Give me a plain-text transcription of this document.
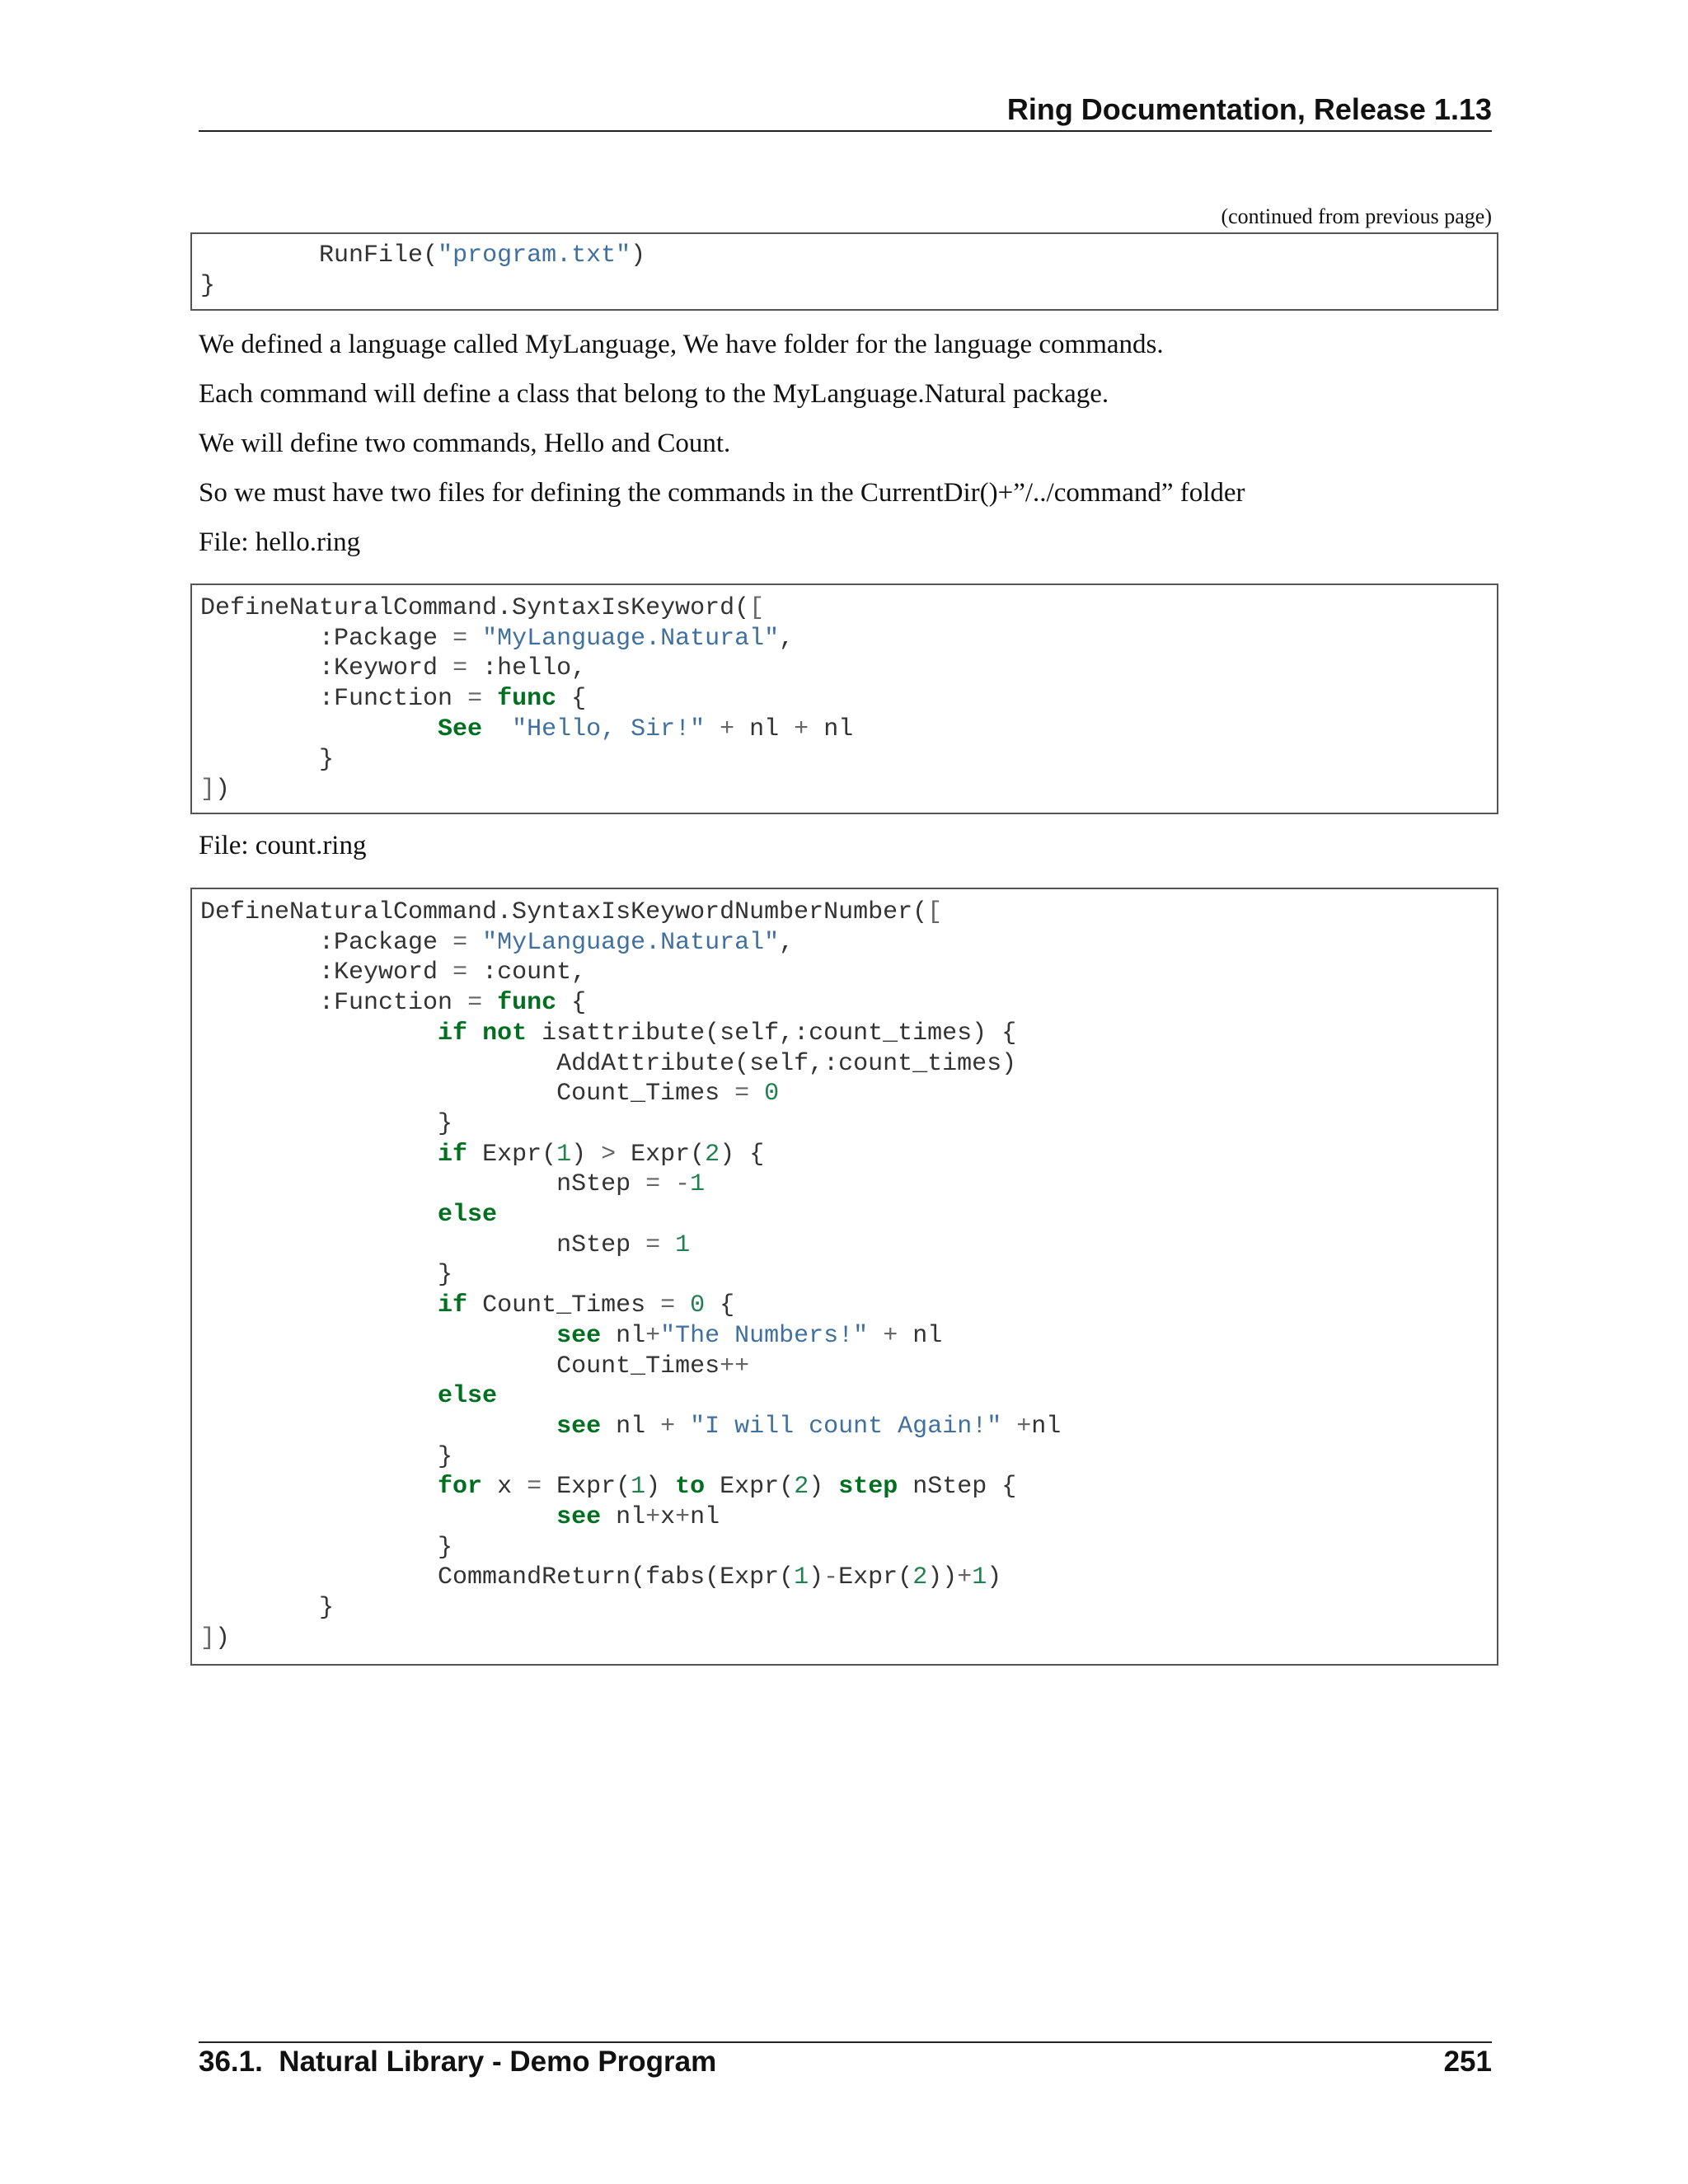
Ring Documentation, Release 1.13
(continued from previous page)
RunFile("program.txt")
}
We defined a language called MyLanguage, We have folder for the language commands.
Each command will define a class that belong to the MyLanguage.Natural package.
We will define two commands, Hello and Count.
So we must have two files for defining the commands in the CurrentDir()+”/../command” folder
File: hello.ring
DefineNaturalCommand.SyntaxIsKeyword([
:Package = "MyLanguage.Natural",
:Keyword = :hello,
:Function = func {
See "Hello, Sir!" + nl + nl
}
])
File: count.ring
DefineNaturalCommand.SyntaxIsKeywordNumberNumber([
:Package = "MyLanguage.Natural",
:Keyword = :count,
:Function = func {
if not isattribute(self,:count_times) {
AddAttribute(self,:count_times)
Count_Times = 0
}
if Expr(1) > Expr(2) {
nStep = -1
else
nStep = 1
}
if Count_Times = 0 {
see nl+"The Numbers!" + nl
Count_Times++
else
see nl + "I will count Again!" +nl
}
for x = Expr(1) to Expr(2) step nStep {
see nl+x+nl
}
CommandReturn(fabs(Expr(1)-Expr(2))+1)
}
])
36.1.  Natural Library - Demo Program	251
